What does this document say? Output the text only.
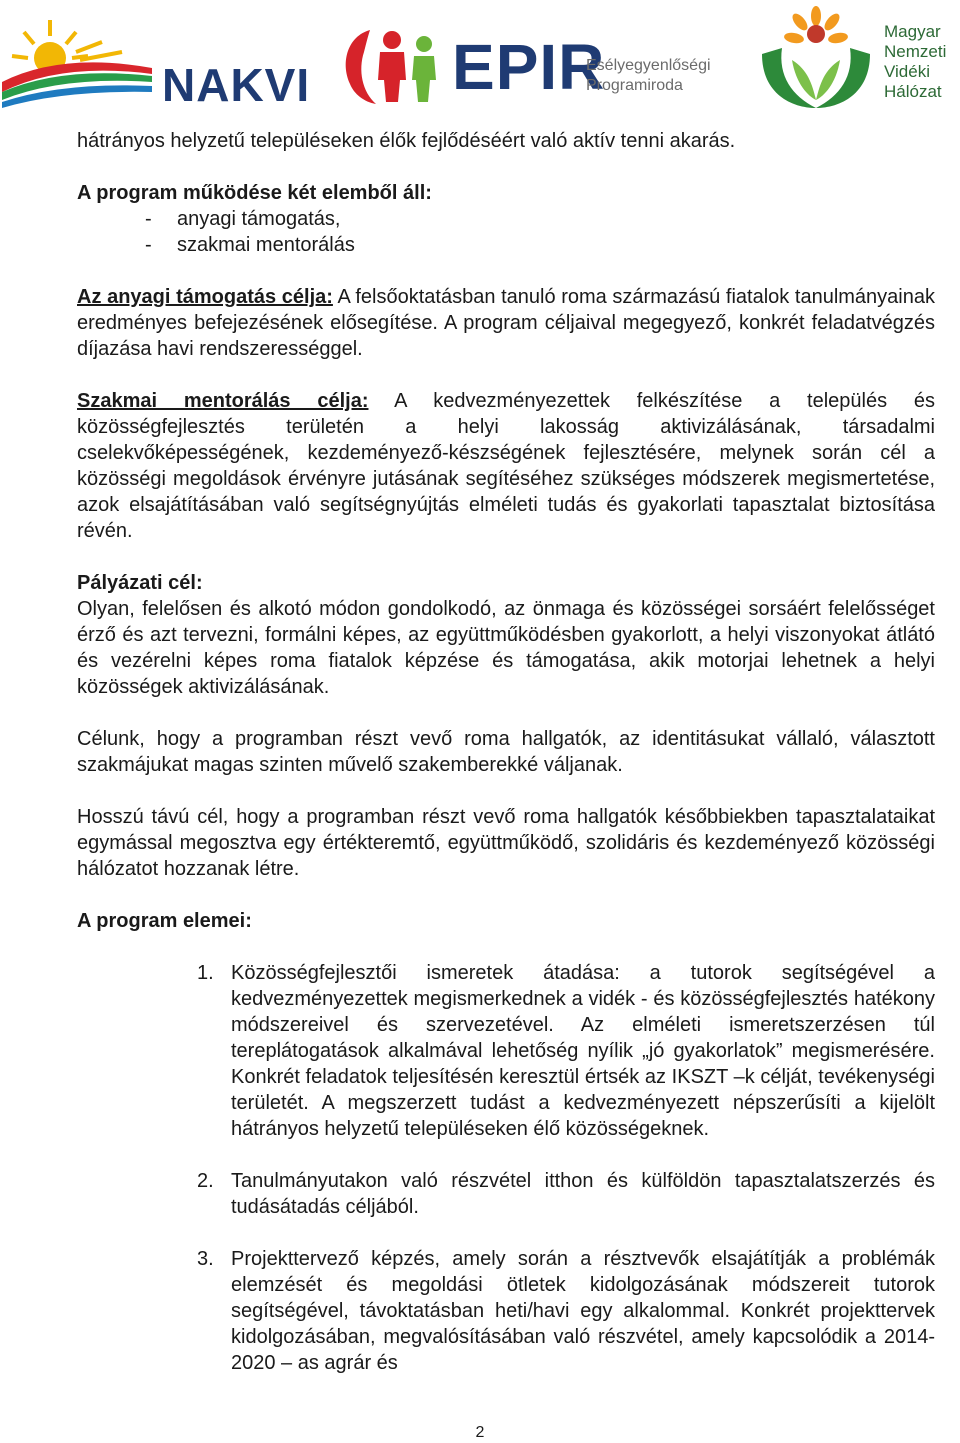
NAKVI EPIR
Esélyegyenlőségi
Programiroda
Magyar
Nemzeti
Vidéki
Hálózat

hátrányos helyzetű településeken élők fejlődéséért való aktív tenni akarás.

A program működése két elemből áll:

- anyagi támogatás,
- szakmai mentorálás

Az anyagi támogatás célja: A felsőoktatásban tanuló roma származású fiatalok tanulmányainak eredményes befejezésének elősegítése. A program céljaival megegyező, konkrét feladatvégzés díjazása havi rendszerességgel.

Szakmai mentorálás célja: A kedvezményezettek felkészítése a település és közösségfejlesztés területén a helyi lakosság aktivizálásának, társadalmi cselekvőképességének, kezdeményező-készségének fejlesztésére, melynek során cél a közösségi megoldások érvényre jutásának segítéséhez szükséges módszerek megismertetése, azok elsajátításában való segítségnyújtás elméleti tudás és gyakorlati tapasztalat biztosítása révén.

Pályázati cél:

Olyan, felelősen és alkotó módon gondolkodó, az önmaga és közösségei sorsáért felelősséget érző és azt tervezni, formálni képes, az együttműködésben gyakorlott, a helyi viszonyokat átlátó és vezérelni képes roma fiatalok képzése és támogatása, akik motorjai lehetnek a helyi közösségek aktivizálásának.

Célunk, hogy a programban részt vevő roma hallgatók, az identitásukat vállaló, választott szakmájukat magas szinten művelő szakemberekké váljanak.

Hosszú távú cél, hogy a programban részt vevő roma hallgatók későbbiekben tapasztalataikat egymással megosztva egy értékteremtő, együttműködő, szolidáris és kezdeményező közösségi hálózatot hozzanak létre.

A program elemei:

1. Közösségfejlesztői ismeretek átadása: a tutorok segítségével a kedvezményezettek megismerkednek a vidék - és közösségfejlesztés hatékony módszereivel és szervezetével. Az elméleti ismeretszerzésen túl tereplátogatások alkalmával lehetőség nyílik „jó gyakorlatok” megismerésére. Konkrét feladatok teljesítésén keresztül értsék az IKSZT –k célját, tevékenységi területét. A megszerzett tudást a kedvezményezett népszerűsíti a kijelölt hátrányos helyzetű településeken élő közösségeknek.
2. Tanulmányutakon való részvétel itthon és külföldön tapasztalatszerzés és tudásátadás céljából.
3. Projekttervező képzés, amely során a résztvevők elsajátítják a problémák elemzését és megoldási ötletek kidolgozásának módszereit tutorok segítségével, távoktatásban heti/havi egy alkalommal. Konkrét projekttervek kidolgozásában, megvalósításában való részvétel, amely kapcsolódik a 2014-2020 – as agrár és
2
